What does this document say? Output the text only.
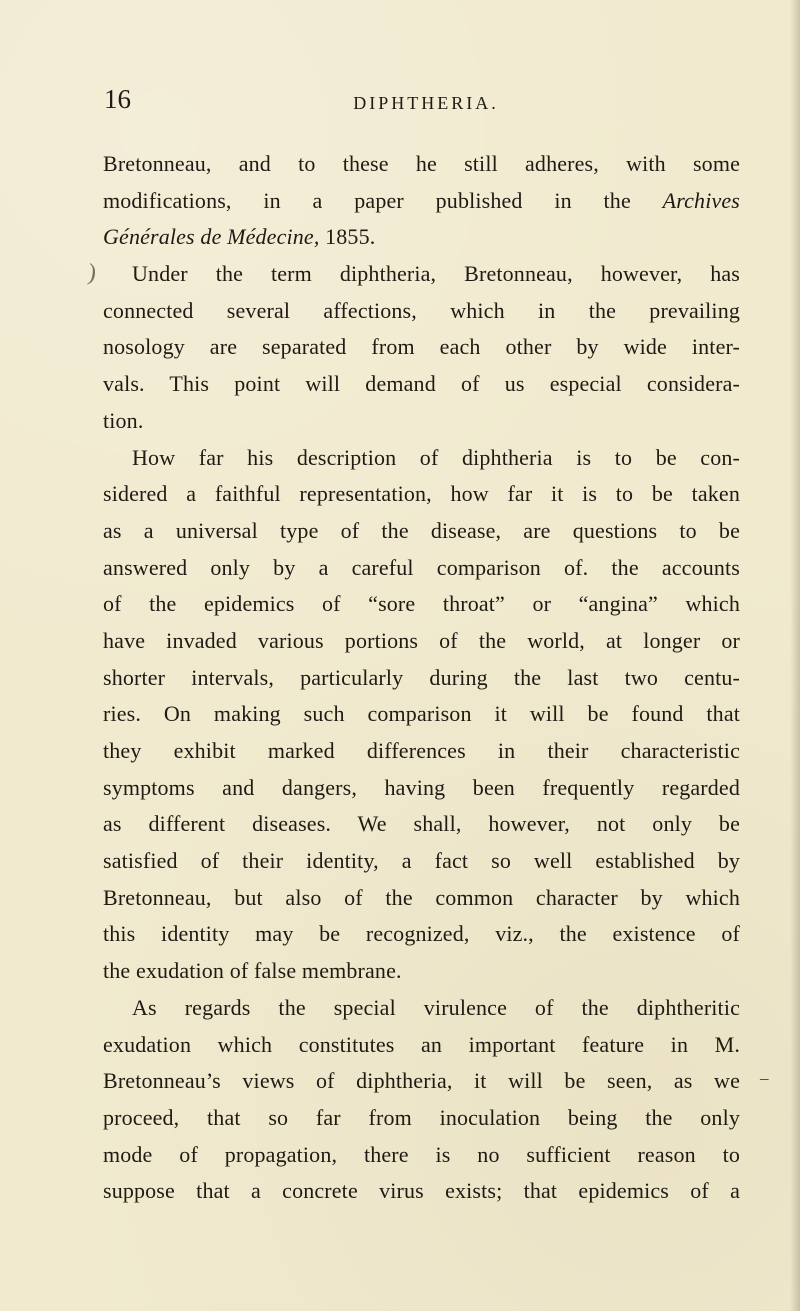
16	DIPHTHERIA.
)
_
Bretonneau, and to these he still adheres, with some
modifications, in a paper published in the Archives
Générales de Médecine, 1855.
Under the term diphtheria, Bretonneau, however, has
connected several affections, which in the prevailing
nosology are separated from each other by wide inter-
vals. This point will demand of us especial considera-
tion.
How far his description of diphtheria is to be con-
sidered a faithful representation, how far it is to be taken
as a universal type of the disease, are questions to be
answered only by a careful comparison of. the accounts
of the epidemics of “sore throat” or “angina” which
have invaded various portions of the world, at longer or
shorter intervals, particularly during the last two centu-
ries. On making such comparison it will be found that
they exhibit marked differences in their characteristic
symptoms and dangers, having been frequently regarded
as different diseases. We shall, however, not only be
satisfied of their identity, a fact so well established by
Bretonneau, but also of the common character by which
this identity may be recognized, viz., the existence of
the exudation of false membrane.
As regards the special virulence of the diphtheritic
exudation which constitutes an important feature in M.
Bretonneau’s views of diphtheria, it will be seen, as we
proceed, that so far from inoculation being the only
mode of propagation, there is no sufficient reason to
suppose that a concrete virus exists; that epidemics of a
